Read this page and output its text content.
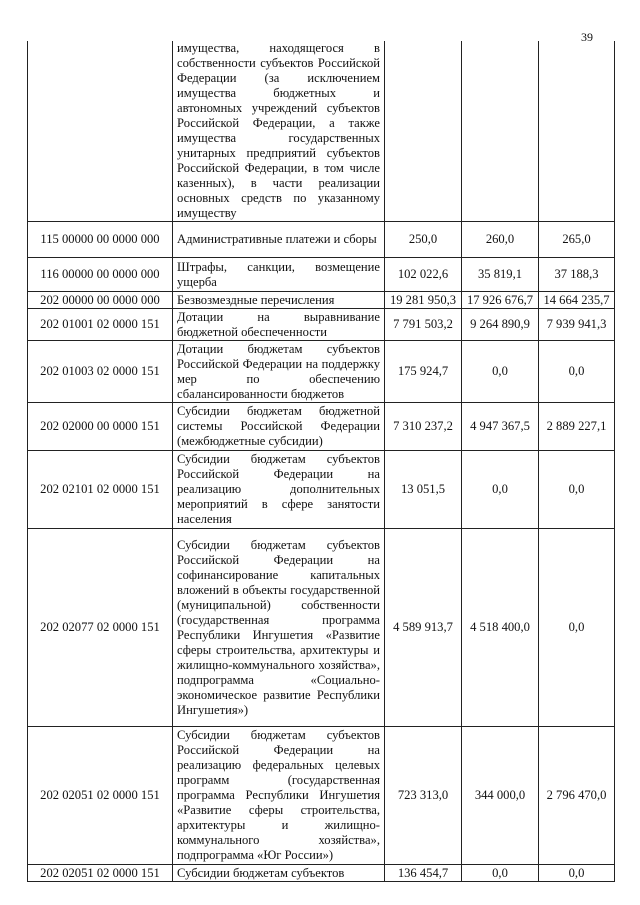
39
	имущества, находящегося в собственности субъектов Российской Федерации (за исключением имущества бюджетных и автономных учреждений субъектов Российской Федерации, а также имущества государственных унитарных предприятий субъектов Российской Федерации, в том числе казенных), в части реализации основных средств по указанному имуществу			
115 00000 00 0000 000	Административные платежи и сборы	250,0	260,0	265,0
116 00000 00 0000 000	Штрафы, санкции, возмещение ущерба	102 022,6	35 819,1	37 188,3
202 00000 00 0000 000	Безвозмездные перечисления	19 281 950,3	17 926 676,7	14 664 235,7
202 01001 02 0000 151	Дотации на выравнивание бюджетной обеспеченности	7 791 503,2	9 264 890,9	7 939 941,3
202 01003 02 0000 151	Дотации бюджетам субъектов Российской Федерации на поддержку мер по обеспечению сбалансированности бюджетов	175 924,7	0,0	0,0
202 02000 00 0000 151	Субсидии бюджетам бюджетной системы Российской Федерации (межбюджетные субсидии)	7 310 237,2	4 947 367,5	2 889 227,1
202 02101 02 0000 151	Субсидии бюджетам субъектов Российской Федерации на реализацию дополнительных мероприятий в сфере занятости населения	13 051,5	0,0	0,0
202 02077 02 0000 151	Субсидии бюджетам субъектов Российской Федерации на софинансирование капитальных вложений в объекты государственной (муниципальной) собственности (государственная программа Республики Ингушетия «Развитие сферы строительства, архитектуры и жилищно-коммунального хозяйства», подпрограмма «Социально-экономическое развитие Республики Ингушетия»)	4 589 913,7	4 518 400,0	0,0
202 02051 02 0000 151	Субсидии бюджетам субъектов Российской Федерации на реализацию федеральных целевых программ (государственная программа Республики Ингушетия «Развитие сферы строительства, архитектуры и жилищно-коммунального хозяйства», подпрограмма «Юг России»)	723 313,0	344 000,0	2 796 470,0
202 02051 02 0000 151	Субсидии бюджетам субъектов	136 454,7	0,0	0,0
